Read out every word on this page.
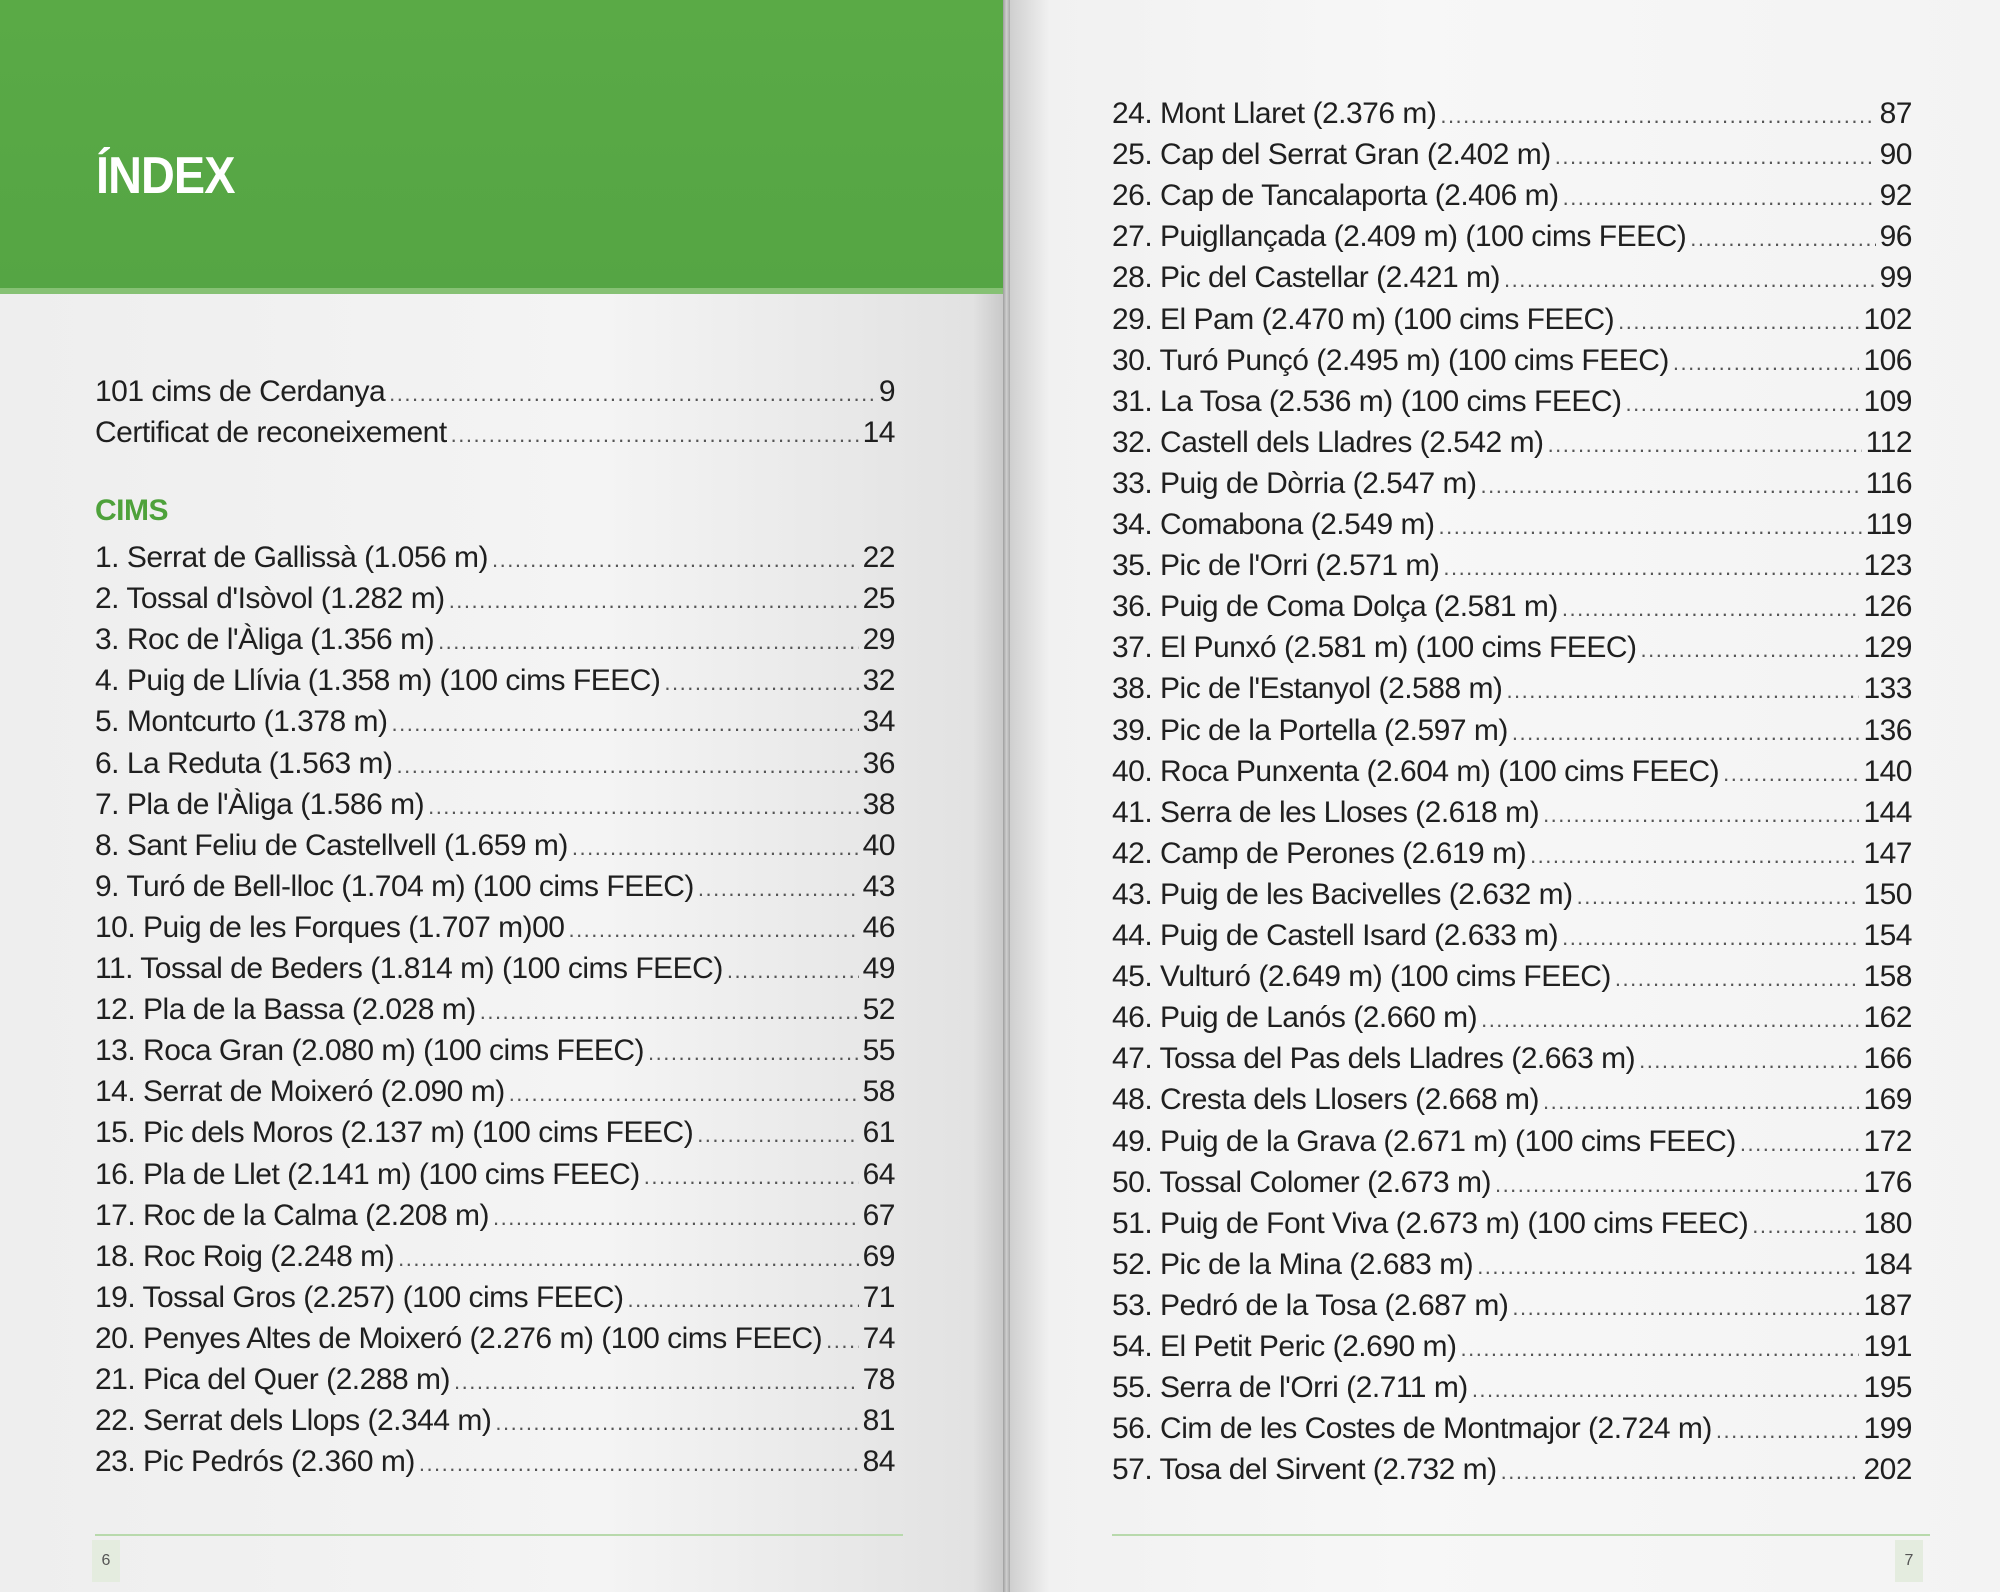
ÍNDEX
101 cims de Cerdanya .....	9
Certificat de reconeixement .....	14
CIMS
1. Serrat de Gallissà (1.056 m) .....	22
2. Tossal d'Isòvol (1.282 m) .....	25
3. Roc de l'Àliga (1.356 m) .....	29
4. Puig de Llívia (1.358 m) (100 cims FEEC) .....	32
5. Montcurto (1.378 m) .....	34
6. La Reduta (1.563 m) .....	36
7. Pla de l'Àliga (1.586 m) .....	38
8. Sant Feliu de Castellvell (1.659 m) .....	40
9. Turó de Bell-lloc (1.704 m) (100 cims FEEC) .....	43
10. Puig de les Forques (1.707 m)00 .....	46
11. Tossal de Beders (1.814 m) (100 cims FEEC) .....	49
12. Pla de la Bassa (2.028 m) .....	52
13. Roca Gran (2.080 m) (100 cims FEEC) .....	55
14. Serrat de Moixeró (2.090 m) .....	58
15. Pic dels Moros (2.137 m) (100 cims FEEC) .....	61
16. Pla de Llet (2.141 m) (100 cims FEEC) .....	64
17. Roc de la Calma (2.208 m) .....	67
18. Roc Roig (2.248 m) .....	69
19. Tossal Gros (2.257) (100 cims FEEC) .....	71
20. Penyes Altes de Moixeró (2.276 m) (100 cims FEEC) ..... 74
21. Pica del Quer (2.288 m) .....	78
22. Serrat dels Llops (2.344 m) .....	81
23. Pic Pedrós (2.360 m) .....	84
6
24. Mont Llaret (2.376 m) .....	87
25. Cap del Serrat Gran (2.402 m) .....	90
26. Cap de Tancalaporta (2.406 m) .....	92
27. Puigllançada (2.409 m) (100 cims FEEC) .....	96
28. Pic del Castellar (2.421 m) .....	99
29. El Pam (2.470 m) (100 cims FEEC) .....	102
30. Turó Punçó (2.495 m) (100 cims FEEC) .....	106
31. La Tosa (2.536 m) (100 cims FEEC) .....	109
32. Castell dels Lladres (2.542 m) .....	112
33. Puig de Dòrria (2.547 m) .....	116
34. Comabona (2.549 m) .....	119
35. Pic de l'Orri (2.571 m) .....	123
36. Puig de Coma Dolça (2.581 m) .....	126
37. El Punxó (2.581 m) (100 cims FEEC) .....	129
38. Pic de l'Estanyol (2.588 m) .....	133
39. Pic de la Portella (2.597 m) .....	136
40. Roca Punxenta (2.604 m) (100 cims FEEC) .....	140
41. Serra de les Lloses (2.618 m) .....	144
42. Camp de Perones (2.619 m) .....	147
43. Puig de les Bacivelles (2.632 m) .....	150
44. Puig de Castell Isard (2.633 m) .....	154
45. Vulturó (2.649 m) (100 cims FEEC) .....	158
46. Puig de Lanós (2.660 m) .....	162
47. Tossa del Pas dels Lladres (2.663 m) .....	166
48. Cresta dels Llosers (2.668 m) .....	169
49. Puig de la Grava (2.671 m) (100 cims FEEC) .....	172
50. Tossal Colomer (2.673 m) .....	176
51. Puig de Font Viva (2.673 m) (100 cims FEEC) .....	180
52. Pic de la Mina (2.683 m) .....	184
53. Pedró de la Tosa (2.687 m) .....	187
54. El Petit Peric (2.690 m) .....	191
55. Serra de l'Orri (2.711 m) .....	195
56. Cim de les Costes de Montmajor (2.724 m) .....	199
57. Tosa del Sirvent (2.732 m) .....	202
7
